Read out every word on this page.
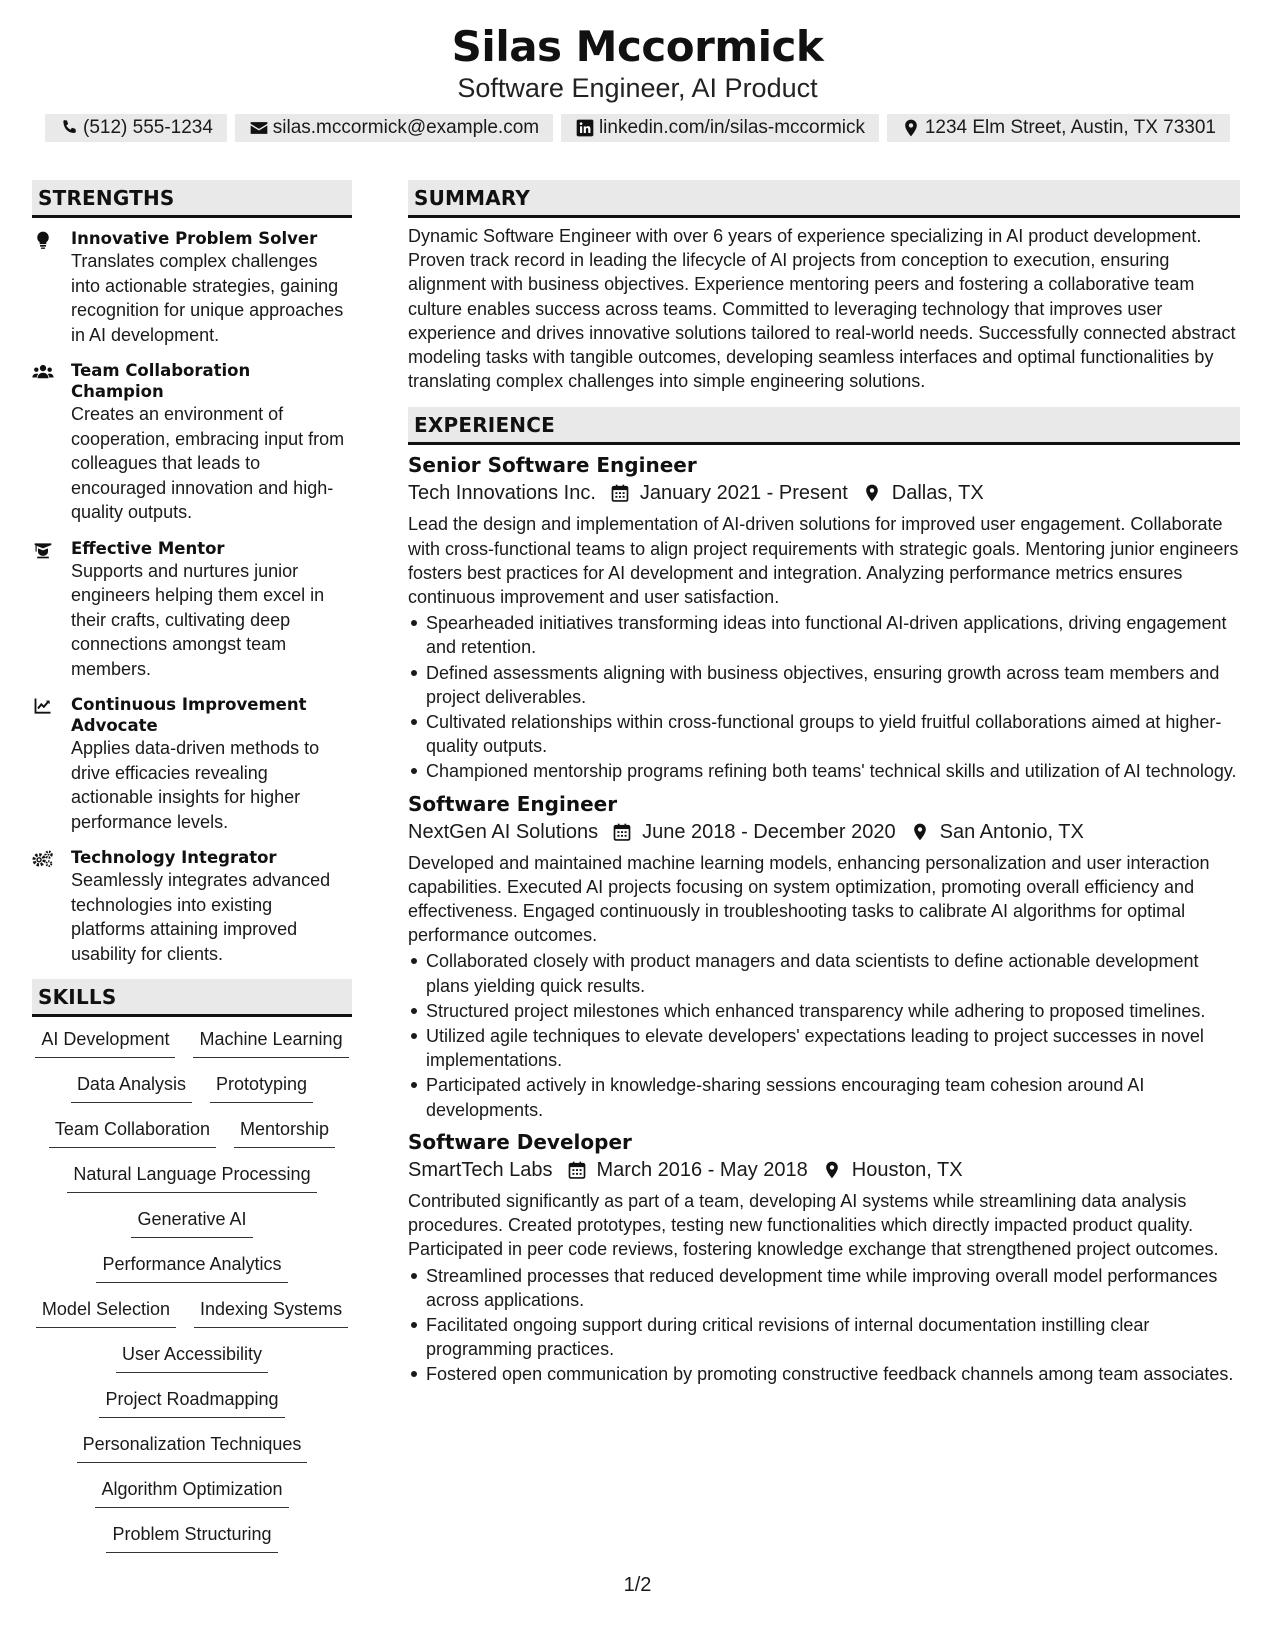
Silas Mccormick
Software Engineer, AI Product
(512) 555-1234	silas.mccormick@example.com	linkedin.com/in/silas-mccormick	1234 Elm Street, Austin, TX 73301
STRENGTHS
Innovative Problem Solver
Translates complex challenges into actionable strategies, gaining recognition for unique approaches in AI development.
Team Collaboration Champion
Creates an environment of cooperation, embracing input from colleagues that leads to encouraged innovation and high-quality outputs.
Effective Mentor
Supports and nurtures junior engineers helping them excel in their crafts, cultivating deep connections amongst team members.
Continuous Improvement Advocate
Applies data-driven methods to drive efficacies revealing actionable insights for higher performance levels.
Technology Integrator
Seamlessly integrates advanced technologies into existing platforms attaining improved usability for clients.
SKILLS
AI Development	Machine Learning
Data Analysis	Prototyping
Team Collaboration	Mentorship
Natural Language Processing
Generative AI
Performance Analytics
Model Selection	Indexing Systems
User Accessibility
Project Roadmapping
Personalization Techniques
Algorithm Optimization
Problem Structuring
SUMMARY
Dynamic Software Engineer with over 6 years of experience specializing in AI product development. Proven track record in leading the lifecycle of AI projects from conception to execution, ensuring alignment with business objectives. Experience mentoring peers and fostering a collaborative team culture enables success across teams. Committed to leveraging technology that improves user experience and drives innovative solutions tailored to real-world needs. Successfully connected abstract modeling tasks with tangible outcomes, developing seamless interfaces and optimal functionalities by translating complex challenges into simple engineering solutions.
EXPERIENCE
Senior Software Engineer
Tech Innovations Inc. January 2021 - Present Dallas, TX
Lead the design and implementation of AI-driven solutions for improved user engagement. Collaborate with cross-functional teams to align project requirements with strategic goals. Mentoring junior engineers fosters best practices for AI development and integration. Analyzing performance metrics ensures continuous improvement and user satisfaction.
Spearheaded initiatives transforming ideas into functional AI-driven applications, driving engagement and retention.
Defined assessments aligning with business objectives, ensuring growth across team members and project deliverables.
Cultivated relationships within cross-functional groups to yield fruitful collaborations aimed at higher-quality outputs.
Championed mentorship programs refining both teams' technical skills and utilization of AI technology.
Software Engineer
NextGen AI Solutions June 2018 - December 2020 San Antonio, TX
Developed and maintained machine learning models, enhancing personalization and user interaction capabilities. Executed AI projects focusing on system optimization, promoting overall efficiency and effectiveness. Engaged continuously in troubleshooting tasks to calibrate AI algorithms for optimal performance outcomes.
Collaborated closely with product managers and data scientists to define actionable development plans yielding quick results.
Structured project milestones which enhanced transparency while adhering to proposed timelines.
Utilized agile techniques to elevate developers' expectations leading to project successes in novel implementations.
Participated actively in knowledge-sharing sessions encouraging team cohesion around AI developments.
Software Developer
SmartTech Labs March 2016 - May 2018 Houston, TX
Contributed significantly as part of a team, developing AI systems while streamlining data analysis procedures. Created prototypes, testing new functionalities which directly impacted product quality. Participated in peer code reviews, fostering knowledge exchange that strengthened project outcomes.
Streamlined processes that reduced development time while improving overall model performances across applications.
Facilitated ongoing support during critical revisions of internal documentation instilling clear programming practices.
Fostered open communication by promoting constructive feedback channels among team associates.
1/2
